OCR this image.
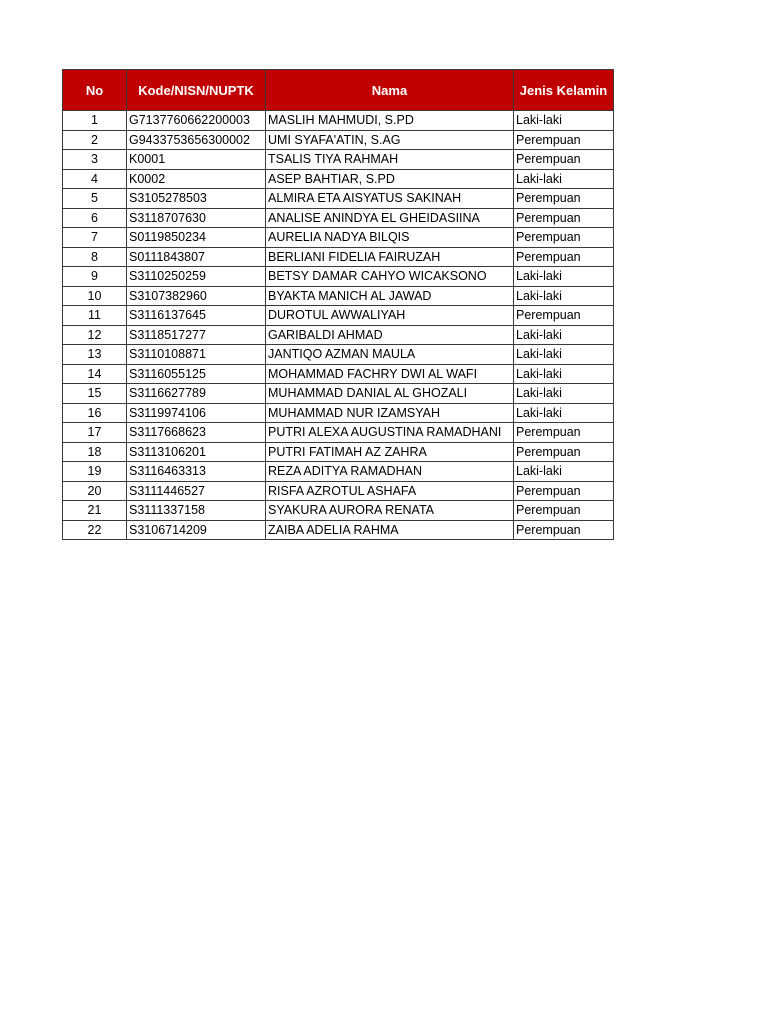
No	Kode/NISN/NUPTK	Nama	Jenis Kelamin
1	G7137760662200003	MASLIH MAHMUDI, S.PD	Laki-laki
2	G9433753656300002	UMI SYAFA'ATIN, S.AG	Perempuan
3	K0001	TSALIS TIYA RAHMAH	Perempuan
4	K0002	ASEP BAHTIAR, S.PD	Laki-laki
5	S3105278503	ALMIRA ETA AISYATUS SAKINAH	Perempuan
6	S3118707630	ANALISE ANINDYA EL GHEIDASIINA	Perempuan
7	S0119850234	AURELIA NADYA BILQIS	Perempuan
8	S0111843807	BERLIANI FIDELIA FAIRUZAH	Perempuan
9	S3110250259	BETSY DAMAR CAHYO WICAKSONO	Laki-laki
10	S3107382960	BYAKTA MANICH AL JAWAD	Laki-laki
11	S3116137645	DUROTUL AWWALIYAH	Perempuan
12	S3118517277	GARIBALDI AHMAD	Laki-laki
13	S3110108871	JANTIQO AZMAN MAULA	Laki-laki
14	S3116055125	MOHAMMAD FACHRY DWI AL WAFI	Laki-laki
15	S3116627789	MUHAMMAD DANIAL AL GHOZALI	Laki-laki
16	S3119974106	MUHAMMAD NUR IZAMSYAH	Laki-laki
17	S3117668623	PUTRI ALEXA AUGUSTINA RAMADHANI	Perempuan
18	S3113106201	PUTRI FATIMAH AZ ZAHRA	Perempuan
19	S3116463313	REZA ADITYA RAMADHAN	Laki-laki
20	S3111446527	RISFA AZROTUL ASHAFA	Perempuan
21	S3111337158	SYAKURA AURORA RENATA	Perempuan
22	S3106714209	ZAIBA ADELIA RAHMA	Perempuan
